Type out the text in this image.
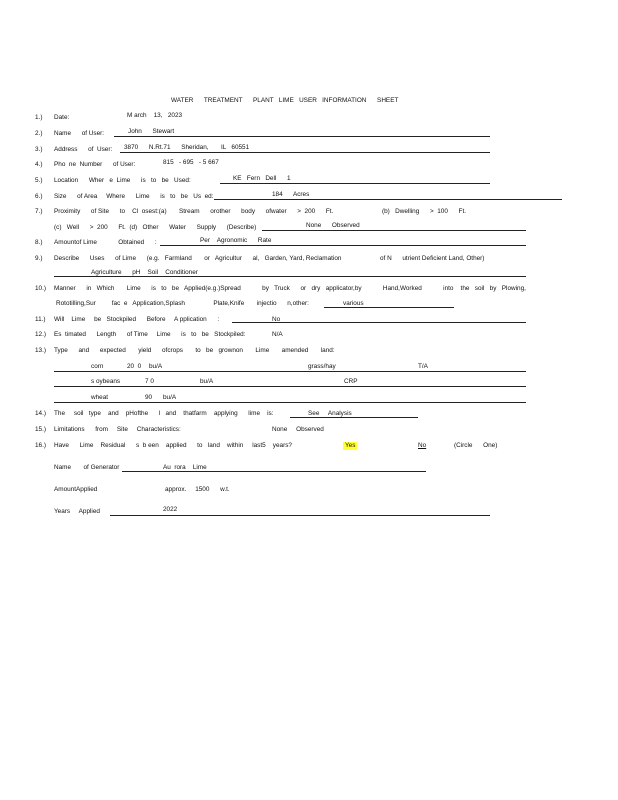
WATER      TREATMENT      PLANT   LIME   USER   INFORMATION      SHEET
1.) Date:	M arch    13,   2023
2.) Name      of User:	John      Stewart
3.) Address      of  User: 3870      N.Rt.71      Sheridan,       IL   60551
4.) Pho  ne  Number      of User:	815   - 695   - 5 667
5.) Location      Wher   e  Lime      is   to   be   Used:	KE   Fern   Dell      1
6.) Size      of Area     Where      Lime      is   to   be   Us  ed:	184      Acres
7.) Proximity      of Site      to    Cl  osest:(a)       Stream      orother      body      ofwater      >  200      Ft.	(b)   Dwelling      >  100      Ft.
(c)   Well      >  200      Ft.  (d)   Other      Water      Supply      (Describe)	None      Observed
8.) Amountof Lime            Obtained      :	Per    Agronomic      Rate
9.) Describe      Uses      of Lime      (e.g.   Farmland       or   Agricultur      al,   Garden, Yard, Reclamation	of N      utrient Deficient Land, Other)
Agriculture      pH    Soil    Conditioner
10.) Manner      in   Which       Lime      is   to   be   Applied(e.g.)Spread            by   Truck      or   dry   applicator,by            Hand,Worked            into    the   soil   by   Plowing,
Rototilling,Sur         fac  e   Application,Splash                Plate,Knife       injectio      n,other:	various
11.) Will    Lime     be   Stockpiled      Before     A pplication      :	No
12.) Es  timated      Length      of Time     Lime      is   to   be   Stockpiled:	N/A
13.) Type      and      expected       yield      ofcrops       to   be   grownon       Lime       amended       land:
corn	20  0 bu/A	grass/hay	T/A
s oybeans	7 0	bu/A	CRP
wheat	90 bu/A
14.) The     soil   type    and    pHofthe      l   and    thatfarm    applying      lime    is:	See     Analysis
15.) Limitations      from     Site     Characteristics:	None     Observed
16.) Have      Lime    Residual      s  b een    applied      to   land    within     last5    years?	Yes	No	(Circle      One)
Name       of Generator	Au  rora    Lime
AmountApplied	approx.     1500      w.t.
Years     Applied	2022
